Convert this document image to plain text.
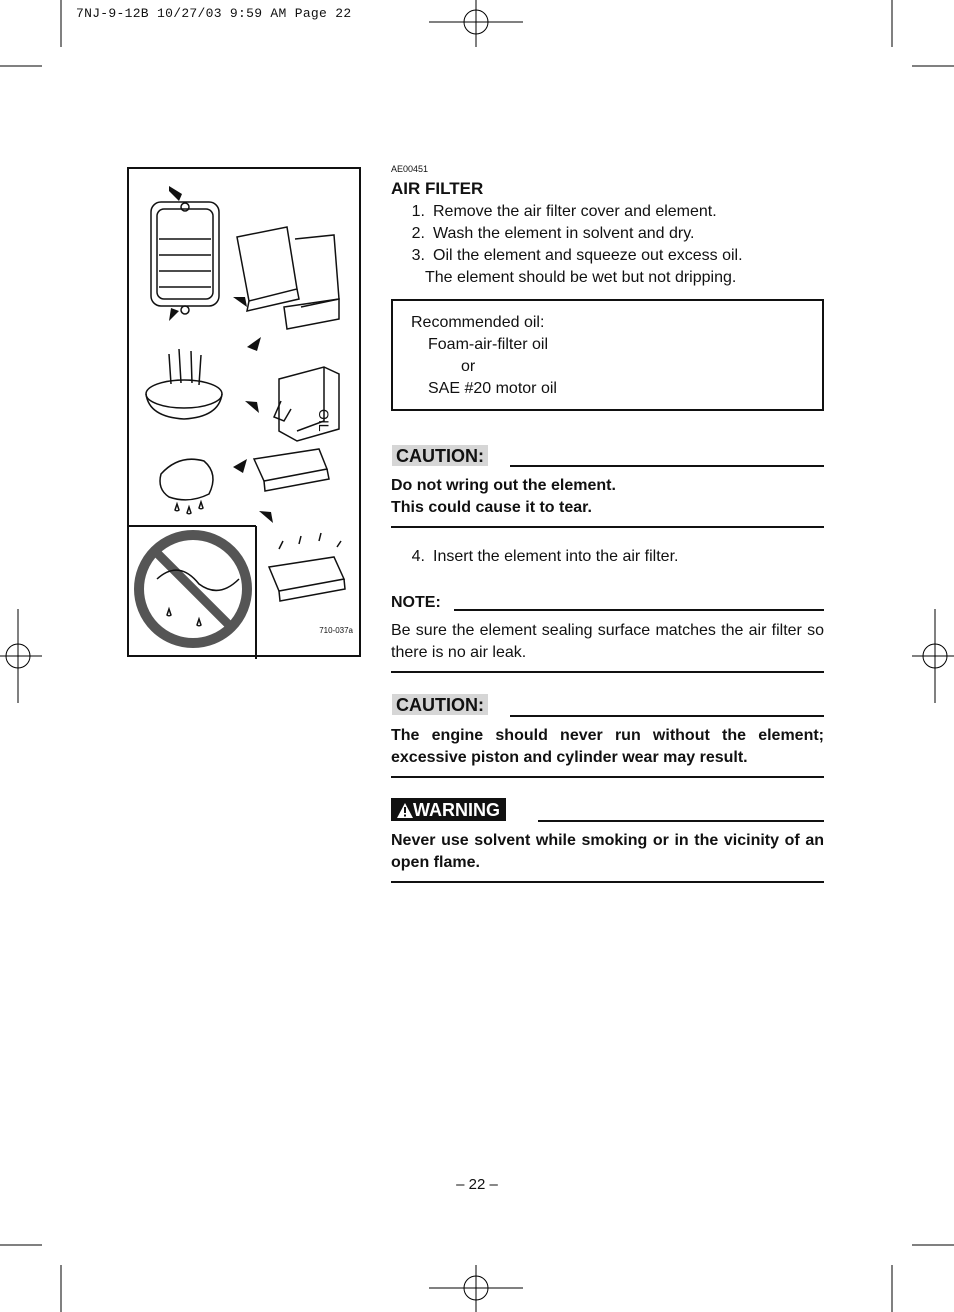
7NJ-9-12B 10/27/03 9:59 AM Page 22
OIL
710-037a
AE00451
AIR FILTER
1. Remove the air filter cover and element.
2. Wash the element in solvent and dry.
3. Oil the element and squeeze out excess oil.
The element should be wet but not dripping.
Recommended oil:
Foam-air-filter oil
or
SAE #20 motor oil
CAUTION:
Do not wring out the element.
This could cause it to tear.
4. Insert the element into the air filter.
NOTE:
Be sure the element sealing surface matches the air filter so there is no air leak.
CAUTION:
The engine should never run without the element; excessive piston and cylinder wear may result.
WARNING
Never use solvent while smoking or in the vicinity of an open flame.
– 22 –
